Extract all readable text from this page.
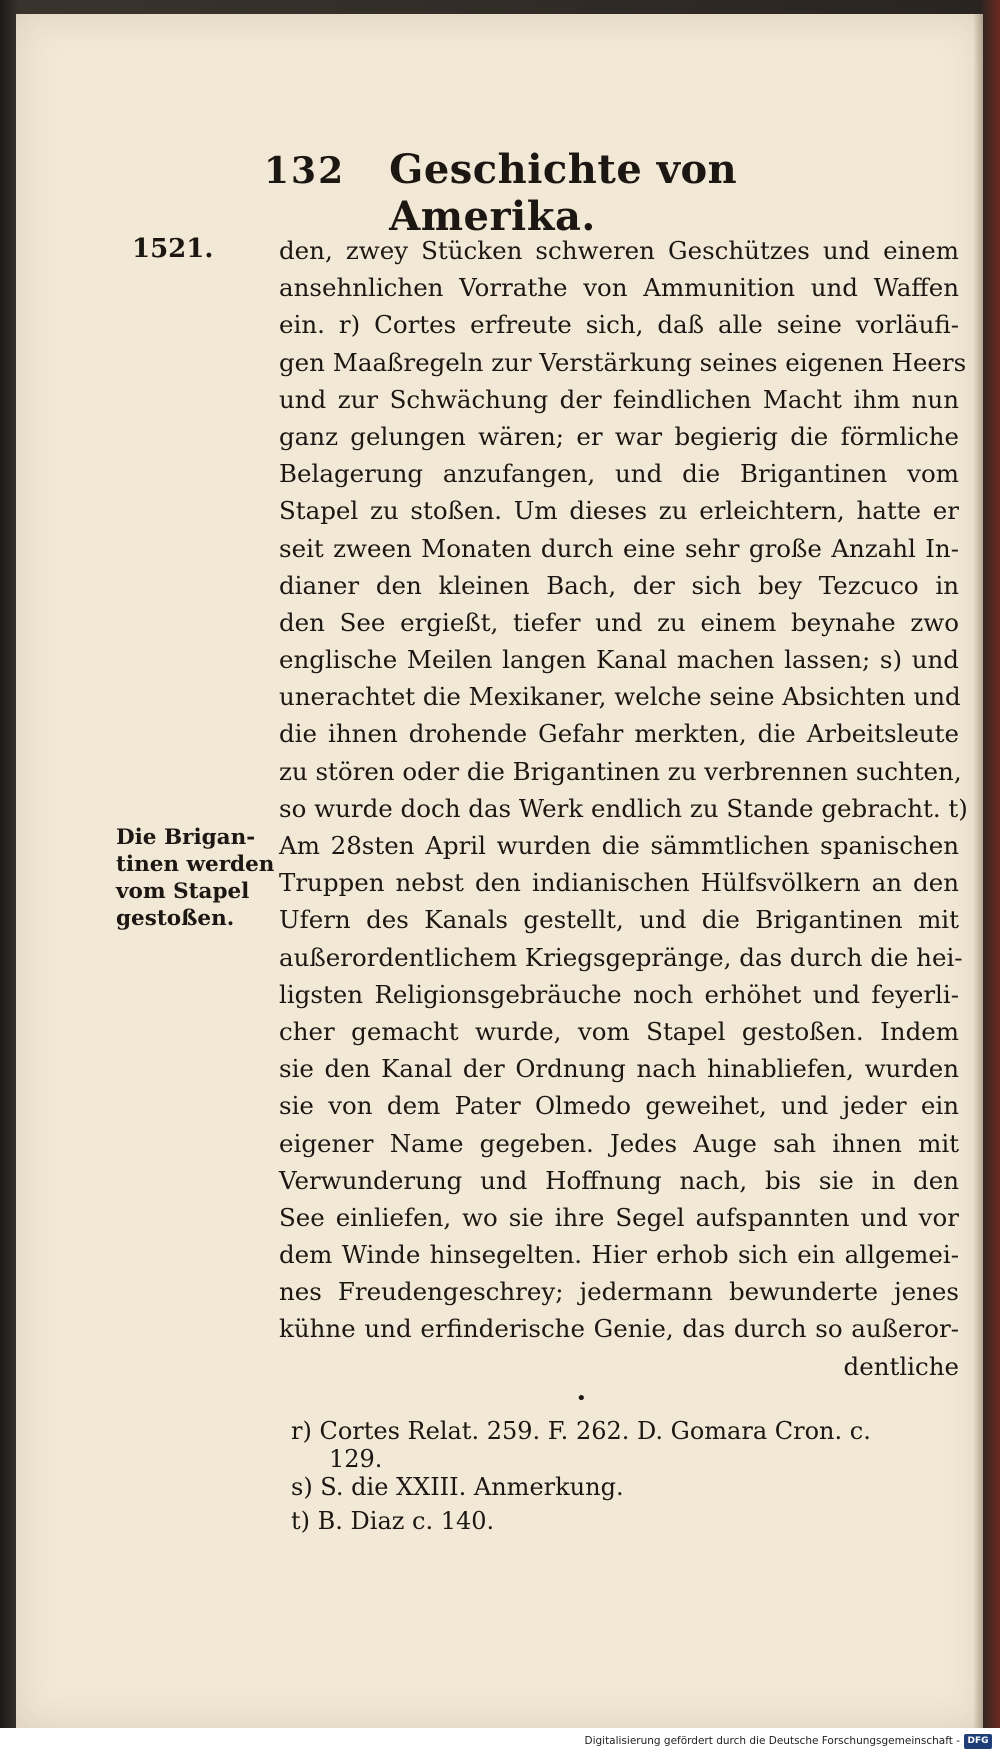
132 Geschichte von Amerika.
1521.
Die Brigan-
tinen werden
vom Stapel
gestoßen.
den, zwey Stücken schweren Geschützes und einem
ansehnlichen Vorrathe von Ammunition und Waffen
ein. r) Cortes erfreute sich, daß alle seine vorläufi-
gen Maaßregeln zur Verstärkung seines eigenen Heers
und zur Schwächung der feindlichen Macht ihm nun
ganz gelungen wären; er war begierig die förmliche
Belagerung anzufangen, und die Brigantinen vom
Stapel zu stoßen. Um dieses zu erleichtern, hatte er
seit zween Monaten durch eine sehr große Anzahl In-
dianer den kleinen Bach, der sich bey Tezcuco in
den See ergießt, tiefer und zu einem beynahe zwo
englische Meilen langen Kanal machen lassen; s) und
unerachtet die Mexikaner, welche seine Absichten und
die ihnen drohende Gefahr merkten, die Arbeitsleute
zu stören oder die Brigantinen zu verbrennen suchten,
so wurde doch das Werk endlich zu Stande gebracht. t)
Am 28sten April wurden die sämmtlichen spanischen
Truppen nebst den indianischen Hülfsvölkern an den
Ufern des Kanals gestellt, und die Brigantinen mit
außerordentlichem Kriegsgepränge, das durch die hei-
ligsten Religionsgebräuche noch erhöhet und feyerli-
cher gemacht wurde, vom Stapel gestoßen. Indem
sie den Kanal der Ordnung nach hinabliefen, wurden
sie von dem Pater Olmedo geweihet, und jeder ein
eigener Name gegeben. Jedes Auge sah ihnen mit
Verwunderung und Hoffnung nach, bis sie in den
See einliefen, wo sie ihre Segel aufspannten und vor
dem Winde hinsegelten. Hier erhob sich ein allgemei-
nes Freudengeschrey; jedermann bewunderte jenes
kühne und erfinderische Genie, das durch so außeror-
dentliche
•
r) Cortes Relat. 259. F. 262. D. Gomara Cron. c.
129.
s) S. die XXIII. Anmerkung.
t) B. Diaz c. 140.
Digitalisierung gefördert durch die Deutsche Forschungsgemeinschaft - DFG
